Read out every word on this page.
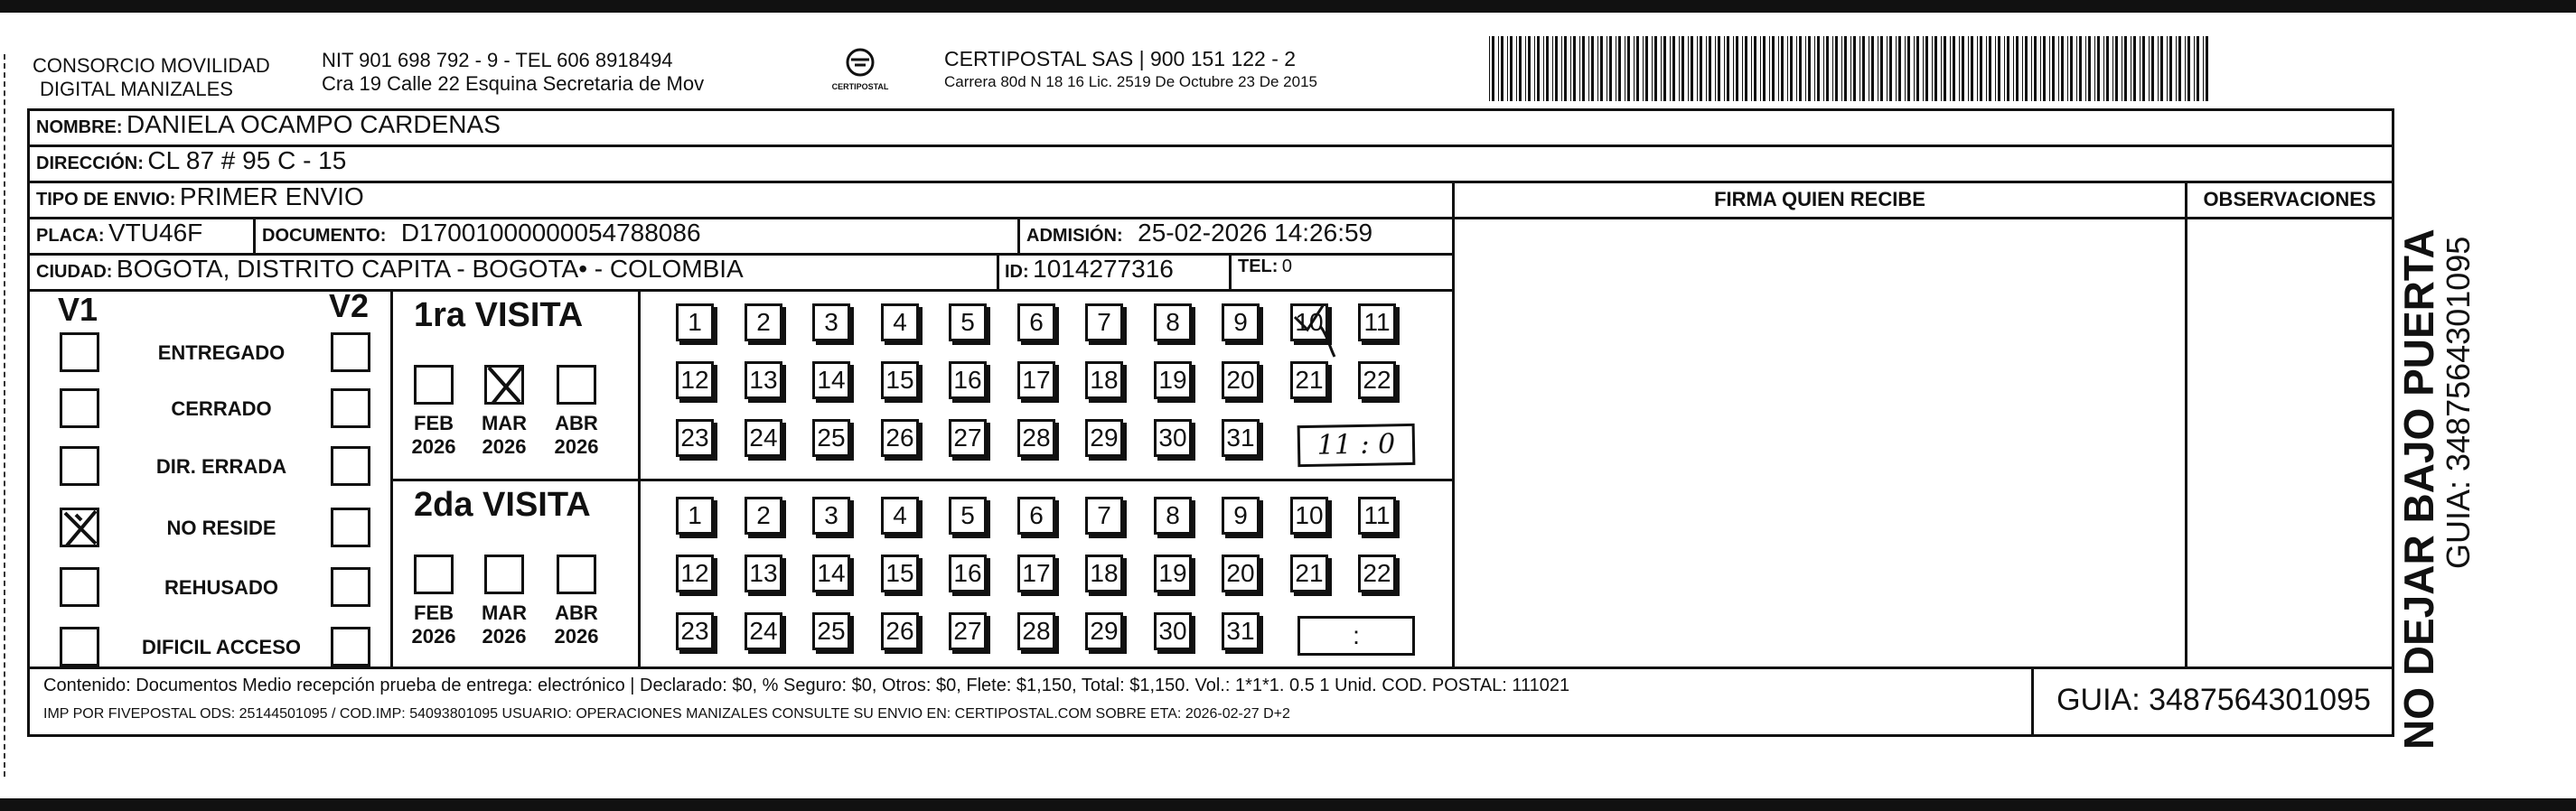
CONSORCIO MOVILIDAD
DIGITAL MANIZALES
NIT 901 698 792 - 9 - TEL 606 8918494
Cra 19 Calle 22 Esquina Secretaria de Mov	CERTIPOSTAL
CERTIPOSTAL SAS | 900 151 122 - 2
Carrera 80d N 18 16 Lic. 2519 De Octubre 23 De 2015
NOMBRE: DANIELA OCAMPO CARDENAS
DIRECCIÓN: CL 87 # 95 C - 15
TIPO DE ENVIO: PRIMER ENVIO	FIRMA QUIEN RECIBE	OBSERVACIONES
PLACA: VTU46F	DOCUMENTO: D17001000000054788086	ADMISIÓN: 25-02-2026 14:26:59
CIUDAD: BOGOTA, DISTRITO CAPITA - BOGOTA• - COLOMBIA	ID: 1014277316	TEL: 0
V1	V2
ENTREGADO
CERRADO
DIR. ERRADA
NO RESIDE
REHUSADO
DIFICIL ACCESO
1ra VISITA
FEB
2026
MAR
2026
ABR
2026
2da VISITA
FEB
2026
MAR
2026
ABR
2026
1	2	3	4	5	6	7	8	9	10 11
12 13 14 15 16 17 18 19 20 21 22
23 24 25 26 27 28 29 30 31
1	2	3	4	5	6	7	8	9	10 11
12 13 14 15 16 17 18 19 20 21 22
23 24 25 26 27 28 29 30 31
11 : 0
:
Contenido: Documentos Medio recepción prueba de entrega: electrónico | Declarado: $0, % Seguro: $0, Otros: $0, Flete: $1,150, Total: $1,150. Vol.: 1*1*1. 0.5 1 Unid. COD. POSTAL: 111021
IMP POR FIVEPOSTAL ODS: 25144501095 / COD.IMP: 54093801095 USUARIO: OPERACIONES MANIZALES CONSULTE SU ENVIO EN: CERTIPOSTAL.COM SOBRE ETA: 2026-02-27 D+2	GUIA: 3487564301095 NO DEJAR BAJO PUERTA
GUIA: 3487564301095
